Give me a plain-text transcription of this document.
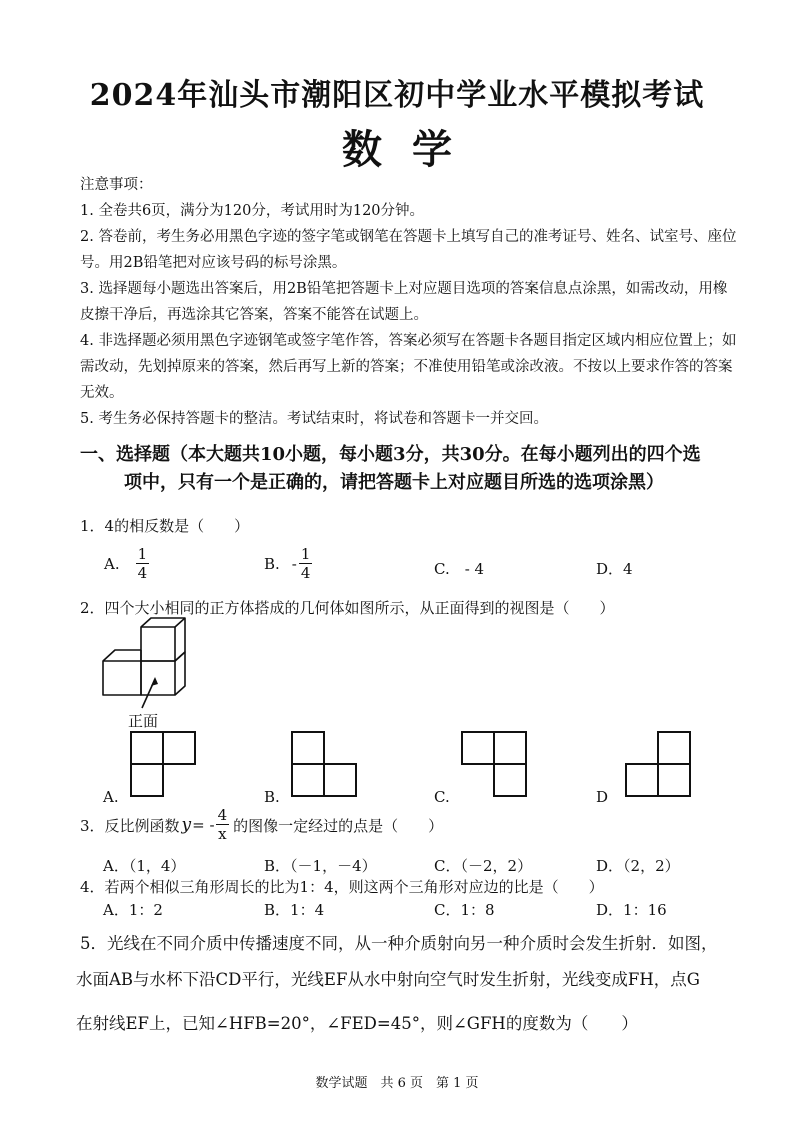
2024年汕头市潮阳区初中学业水平模拟考试
数学

注意事项：

1. 全卷共6页，满分为120分，考试用时为120分钟。

2. 答卷前，考生务必用黑色字迹的签字笔或钢笔在答题卡上填写自己的准考证号、姓名、试室号、座位号。用2B铅笔把对应该号码的标号涂黑。

3. 选择题每小题选出答案后，用2B铅笔把答题卡上对应题目选项的答案信息点涂黑，如需改动，用橡皮擦干净后，再选涂其它答案，答案不能答在试题上。

4. 非选择题必须用黑色字迹钢笔或签字笔作答，答案必须写在答题卡各题目指定区域内相应位置上；如需改动，先划掉原来的答案，然后再写上新的答案；不准使用铅笔或涂改液。不按以上要求作答的答案无效。

5. 考生务必保持答题卡的整洁。考试结束时，将试卷和答题卡一并交回。

一、选择题（本大题共10小题，每小题3分，共30分。在每小题列出的四个选
项中，只有一个是正确的，请把答题卡上对应题目所选的选项涂黑）
1．4的相反数是（　　）
A. $\frac{1}{4}$	B. - $\frac{1}{4}$	C.　- 4	D．4
2．四个大小相同的正方体搭成的几何体如图所示，从正面得到的视图是（　　）
正面
A.	B.	C.	D
3．反比例函数 y = - $\frac{4}{x}$ 的图像一定经过的点是（　　）
A．（1，4）	B．（－1，－4）	C．（－2，2）	D．（2，2）
4．若两个相似三角形周长的比为1：4，则这两个三角形对应边的比是（　　）
A．1：2	B．1：4	C．1：8	D．1：16
5．光线在不同介质中传播速度不同，从一种介质射向另一种介质时会发生折射．如图，
水面AB与水杯下沿CD平行，光线EF从水中射向空气时发生折射，光线变成FH，点G
在射线EF上，已知∠HFB=20°，∠FED=45°，则∠GFH的度数为（　　）
数学试题　共 6 页　第 1 页
